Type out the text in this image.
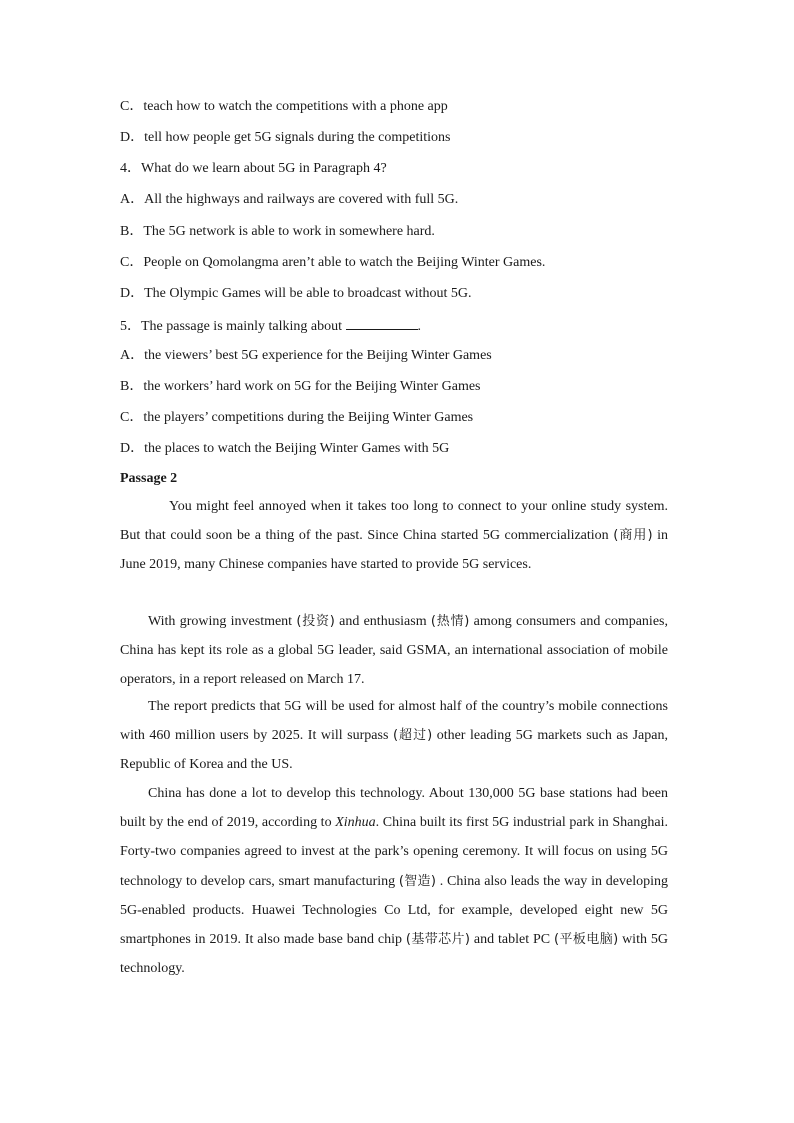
C．teach how to watch the competitions with a phone app
D．tell how people get 5G signals during the competitions
4．What do we learn about 5G in Paragraph 4?
A．All the highways and railways are covered with full 5G.
B．The 5G network is able to work in somewhere hard.
C．People on Qomolangma aren’t able to watch the Beijing Winter Games.
D．The Olympic Games will be able to broadcast without 5G.
5．The passage is mainly talking about	.
A．the viewers’ best 5G experience for the Beijing Winter Games
B．the workers’ hard work on 5G for the Beijing Winter Games
C．the players’ competitions during the Beijing Winter Games
D．the places to watch the Beijing Winter Games with 5G
Passage 2
You might feel annoyed when it takes too long to connect to your online study system. But that could soon be a thing of the past. Since China started 5G commercialization (商用) in June 2019, many Chinese companies have started to provide 5G services.
With growing investment (投资) and enthusiasm (热情) among consumers and companies, China has kept its role as a global 5G leader, said GSMA, an international association of mobile operators, in a report released on March 17.
The report predicts that 5G will be used for almost half of the country’s mobile connections with 460 million users by 2025. It will surpass (超过) other leading 5G markets such as Japan, Republic of Korea and the US.
China has done a lot to develop this technology. About 130,000 5G base stations had been built by the end of 2019, according to Xinhua. China built its first 5G industrial park in Shanghai. Forty-two companies agreed to invest at the park’s opening ceremony. It will focus on using 5G technology to develop cars, smart manufacturing (智造) . China also leads the way in developing 5G-enabled products. Huawei Technologies Co Ltd, for example, developed eight new 5G smartphones in 2019. It also made base band chip (基带芯片) and tablet PC (平板电脑) with 5G technology.
